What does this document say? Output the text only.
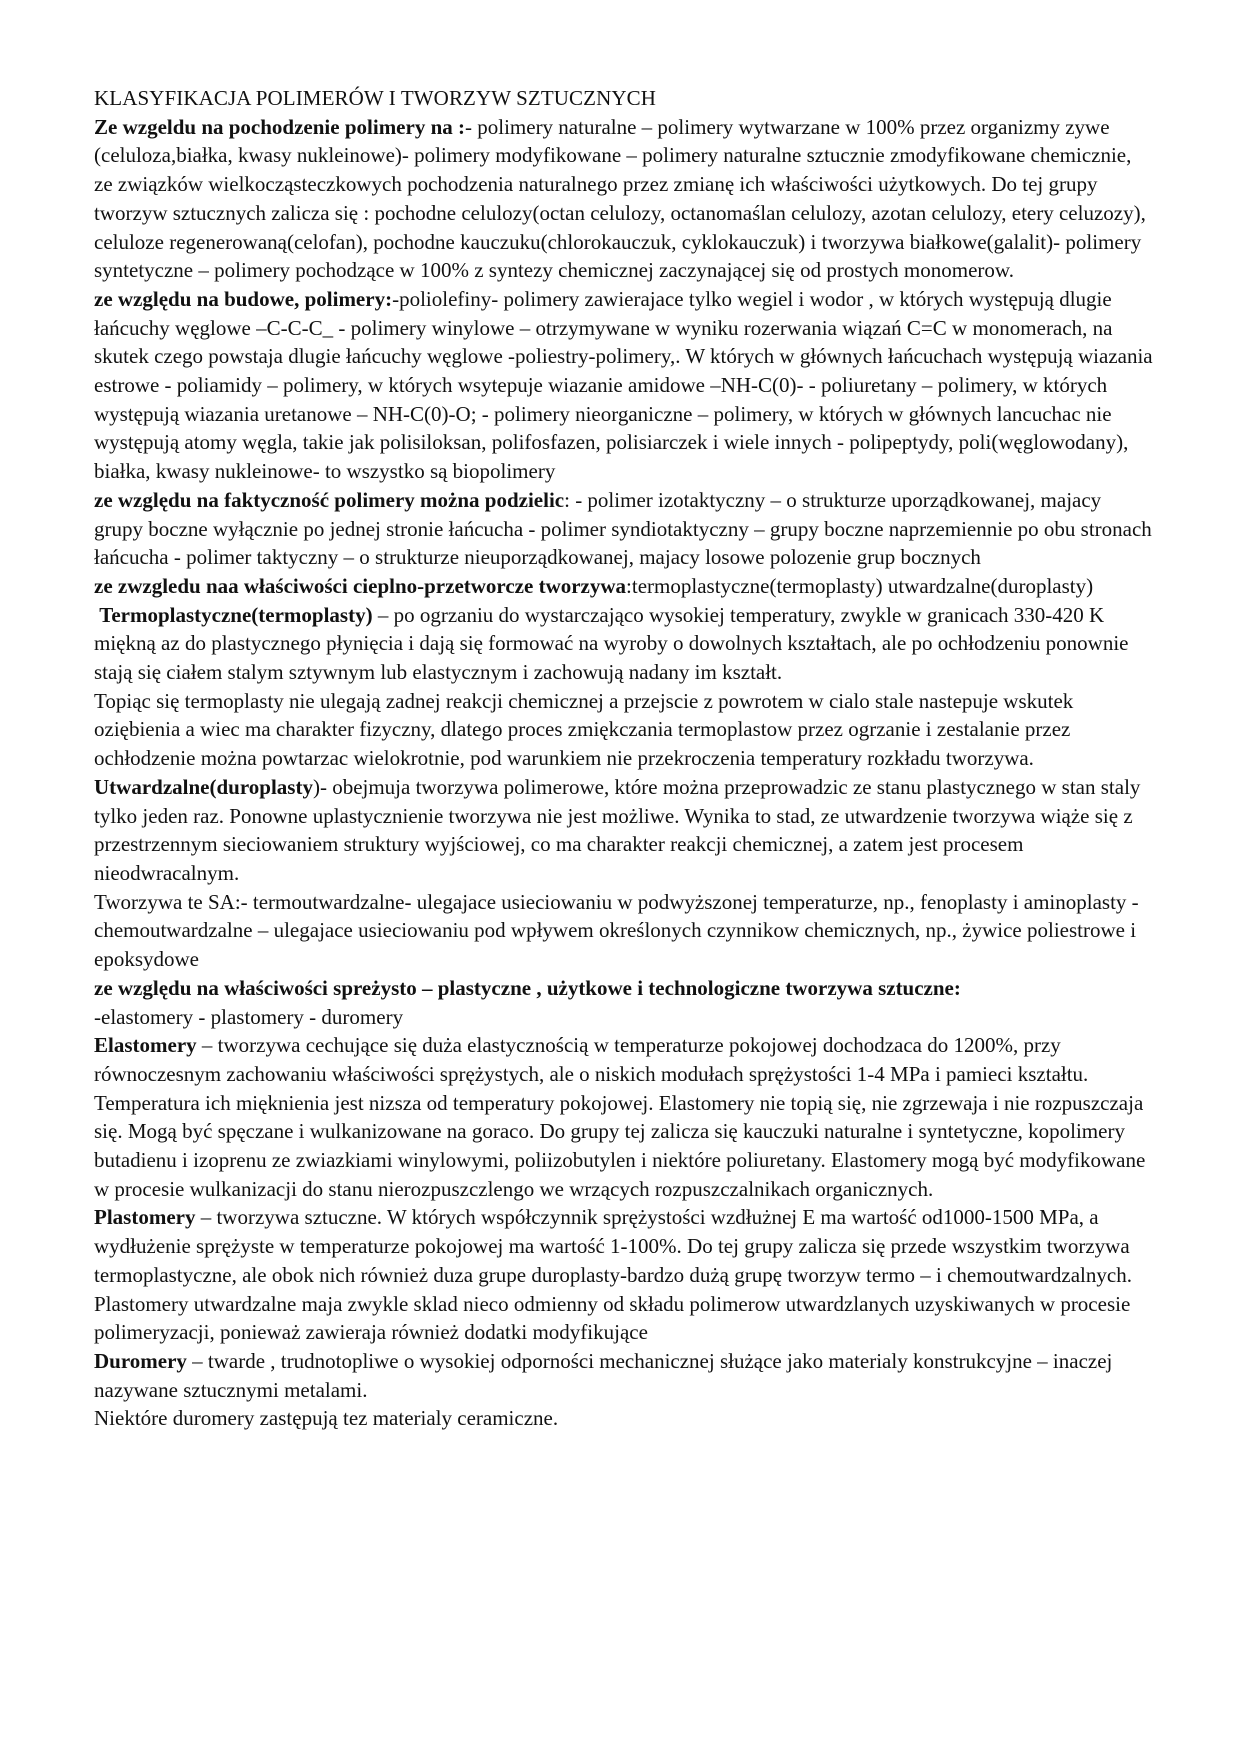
KLASYFIKACJA POLIMERÓW I TWORZYW SZTUCZNYCH

Ze wzgeldu na pochodzenie polimery na :- polimery naturalne – polimery wytwarzane w 100% przez organizmy zywe (celuloza,białka, kwasy nukleinowe)- polimery modyfikowane – polimery naturalne sztucznie zmodyfikowane chemicznie, ze związków wielkocząsteczkowych pochodzenia naturalnego przez zmianę ich właściwości użytkowych. Do tej grupy tworzyw sztucznych zalicza się : pochodne celulozy(octan celulozy, octanomaślan celulozy, azotan celulozy, etery celuzozy), celuloze regenerowaną(celofan), pochodne kauczuku(chlorokauczuk, cyklokauczuk) i tworzywa białkowe(galalit)- polimery syntetyczne – polimery pochodzące w 100% z syntezy chemicznej zaczynającej się od prostych monomerow.

ze względu na budowe, polimery:-poliolefiny- polimery zawierajace tylko wegiel i wodor , w których występują dlugie łańcuchy węglowe –C-C-C_ - polimery winylowe – otrzymywane w wyniku rozerwania wiązań C=C w monomerach, na skutek czego powstaja dlugie łańcuchy węglowe -poliestry-polimery,. W których w głównych łańcuchach występują wiazania estrowe - poliamidy – polimery, w których wsytepuje wiazanie amidowe –NH-C(0)- - poliuretany – polimery, w których występują wiazania uretanowe – NH-C(0)-O; - polimery nieorganiczne – polimery, w których w głównych lancuchac nie występują atomy węgla, takie jak polisiloksan, polifosfazen, polisiarczek i wiele innych - polipeptydy, poli(węglowodany), białka, kwasy nukleinowe- to wszystko są biopolimery

ze względu na faktyczność polimery można podzielic: - polimer izotaktyczny – o strukturze uporządkowanej, majacy grupy boczne wyłącznie po jednej stronie łańcucha - polimer syndiotaktyczny – grupy boczne naprzemiennie po obu stronach łańcucha - polimer taktyczny – o strukturze nieuporządkowanej, majacy losowe polozenie grup bocznych

ze zwzgledu naa właściwości cieplno-przetworcze tworzywa:termoplastyczne(termoplasty) utwardzalne(duroplasty)

Termoplastyczne(termoplasty) – po ogrzaniu do wystarczająco wysokiej temperatury, zwykle w granicach 330-420 K miękną az do plastycznego płynięcia i dają się formować na wyroby o dowolnych kształtach, ale po ochłodzeniu ponownie stają się ciałem stalym sztywnym lub elastycznym i zachowują nadany im kształt.

Topiąc się termoplasty nie ulegają zadnej reakcji chemicznej a przejscie z powrotem w cialo stale nastepuje wskutek oziębienia a wiec ma charakter fizyczny, dlatego proces zmiękczania termoplastow przez ogrzanie i zestalanie przez ochłodzenie można powtarzac wielokrotnie, pod warunkiem nie przekroczenia temperatury rozkładu tworzywa.

Utwardzalne(duroplasty)- obejmuja tworzywa polimerowe, które można przeprowadzic ze stanu plastycznego w stan staly tylko jeden raz. Ponowne uplastycznienie tworzywa nie jest możliwe. Wynika to stad, ze utwardzenie tworzywa wiąże się z przestrzennym sieciowaniem struktury wyjściowej, co ma charakter reakcji chemicznej, a zatem jest procesem nieodwracalnym.

Tworzywa te SA:- termoutwardzalne- ulegajace usieciowaniu w podwyższonej temperaturze, np., fenoplasty i aminoplasty - chemoutwardzalne – ulegajace usieciowaniu pod wpływem określonych czynnikow chemicznych, np., żywice poliestrowe i epoksydowe

ze względu na właściwości spreżysto – plastyczne , użytkowe i technologiczne tworzywa sztuczne:

-elastomery - plastomery - duromery

Elastomery – tworzywa cechujące się duża elastycznością w temperaturze pokojowej dochodzaca do 1200%, przy równoczesnym zachowaniu właściwości sprężystych, ale o niskich modułach sprężystości 1-4 MPa i pamieci kształtu. Temperatura ich mięknienia jest nizsza od temperatury pokojowej. Elastomery nie topią się, nie zgrzewaja i nie rozpuszczaja się. Mogą być spęczane i wulkanizowane na goraco. Do grupy tej zalicza się kauczuki naturalne i syntetyczne, kopolimery butadienu i izoprenu ze zwiazkiami winylowymi, poliizobutylen i niektóre poliuretany. Elastomery mogą być modyfikowane w procesie wulkanizacji do stanu nierozpuszczlengo we wrzących rozpuszczalnikach organicznych.

Plastomery – tworzywa sztuczne. W których współczynnik sprężystości wzdłużnej E ma wartość od1000-1500 MPa, a wydłużenie sprężyste w temperaturze pokojowej ma wartość 1-100%. Do tej grupy zalicza się przede wszystkim tworzywa termoplastyczne, ale obok nich również duza grupe duroplasty-bardzo dużą grupę tworzyw termo – i chemoutwardzalnych. Plastomery utwardzalne maja zwykle sklad nieco odmienny od składu polimerow utwardzlanych uzyskiwanych w procesie polimeryzacji, ponieważ zawieraja również dodatki modyfikujące

Duromery – twarde , trudnotopliwe o wysokiej odporności mechanicznej służące jako materialy konstrukcyjne – inaczej nazywane sztucznymi metalami.

Niektóre duromery zastępują tez materialy ceramiczne.
